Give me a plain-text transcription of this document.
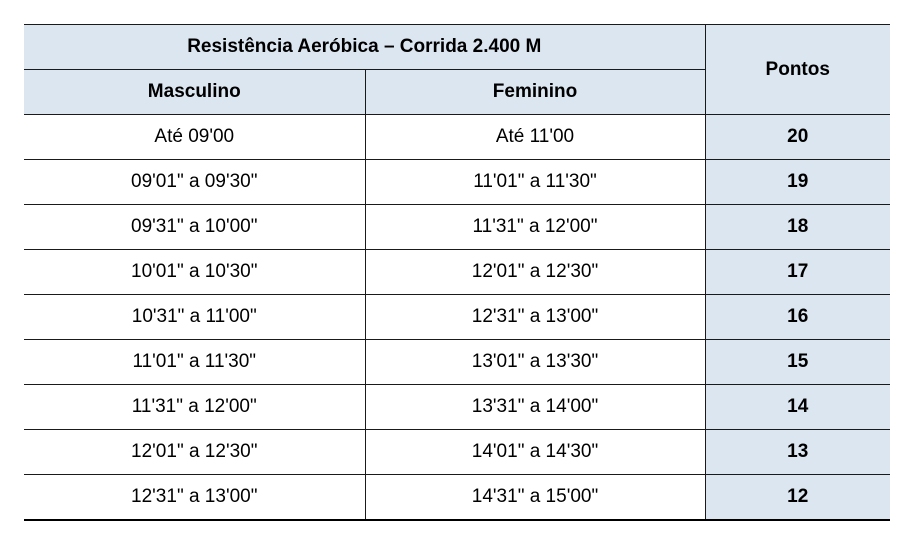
Resistência Aeróbica – Corrida 2.400 M		Pontos
Masculino	Feminino	
Até 09'00	Até 11'00	20
09'01" a 09'30"	11'01" a 11'30"	19
09'31" a 10'00"	11'31" a 12'00"	18
10'01" a 10'30"	12'01" a 12'30"	17
10'31" a 11'00"	12'31" a 13'00"	16
11'01" a 11'30"	13'01" a 13'30"	15
11'31" a 12'00"	13'31" a 14'00"	14
12'01" a 12'30"	14'01" a 14'30"	13
12'31" a 13'00"	14'31" a 15'00"	12
